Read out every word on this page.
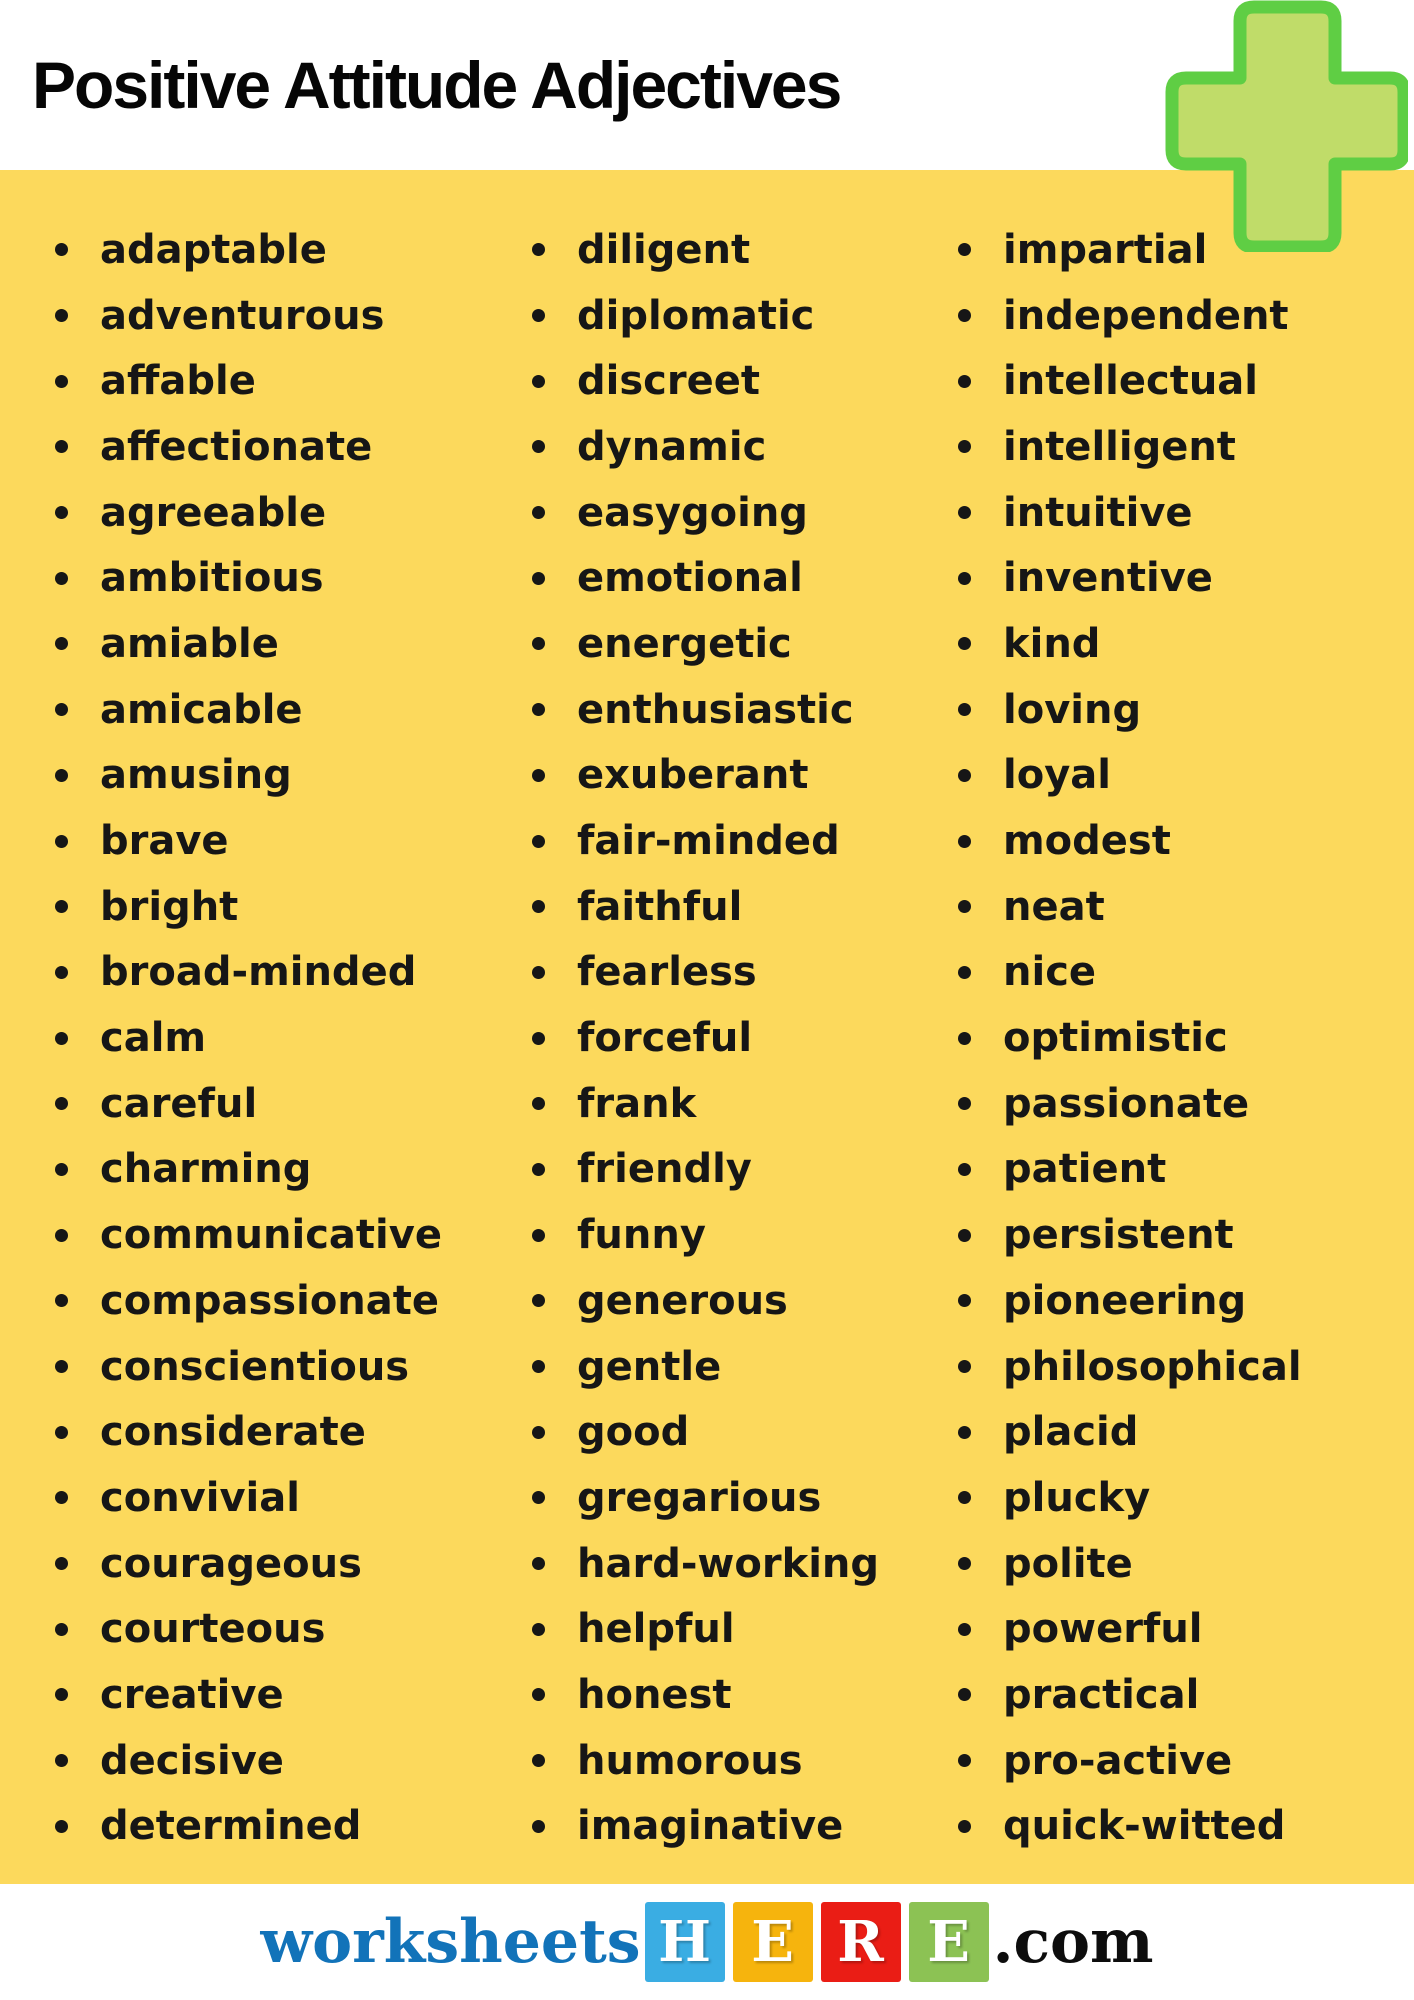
Positive Attitude Adjectives
adaptable
adventurous
affable
affectionate
agreeable
ambitious
amiable
amicable
amusing
brave
bright
broad-minded
calm
careful
charming
communicative
compassionate
conscientious
considerate
convivial
courageous
courteous
creative
decisive
determined
diligent
diplomatic
discreet
dynamic
easygoing
emotional
energetic
enthusiastic
exuberant
fair-minded
faithful
fearless
forceful
frank
friendly
funny
generous
gentle
good
gregarious
hard-working
helpful
honest
humorous
imaginative
impartial
independent
intellectual
intelligent
intuitive
inventive
kind
loving
loyal
modest
neat
nice
optimistic
passionate
patient
persistent
pioneering
philosophical
placid
plucky
polite
powerful
practical
pro-active
quick-witted
worksheets H E R E .com
